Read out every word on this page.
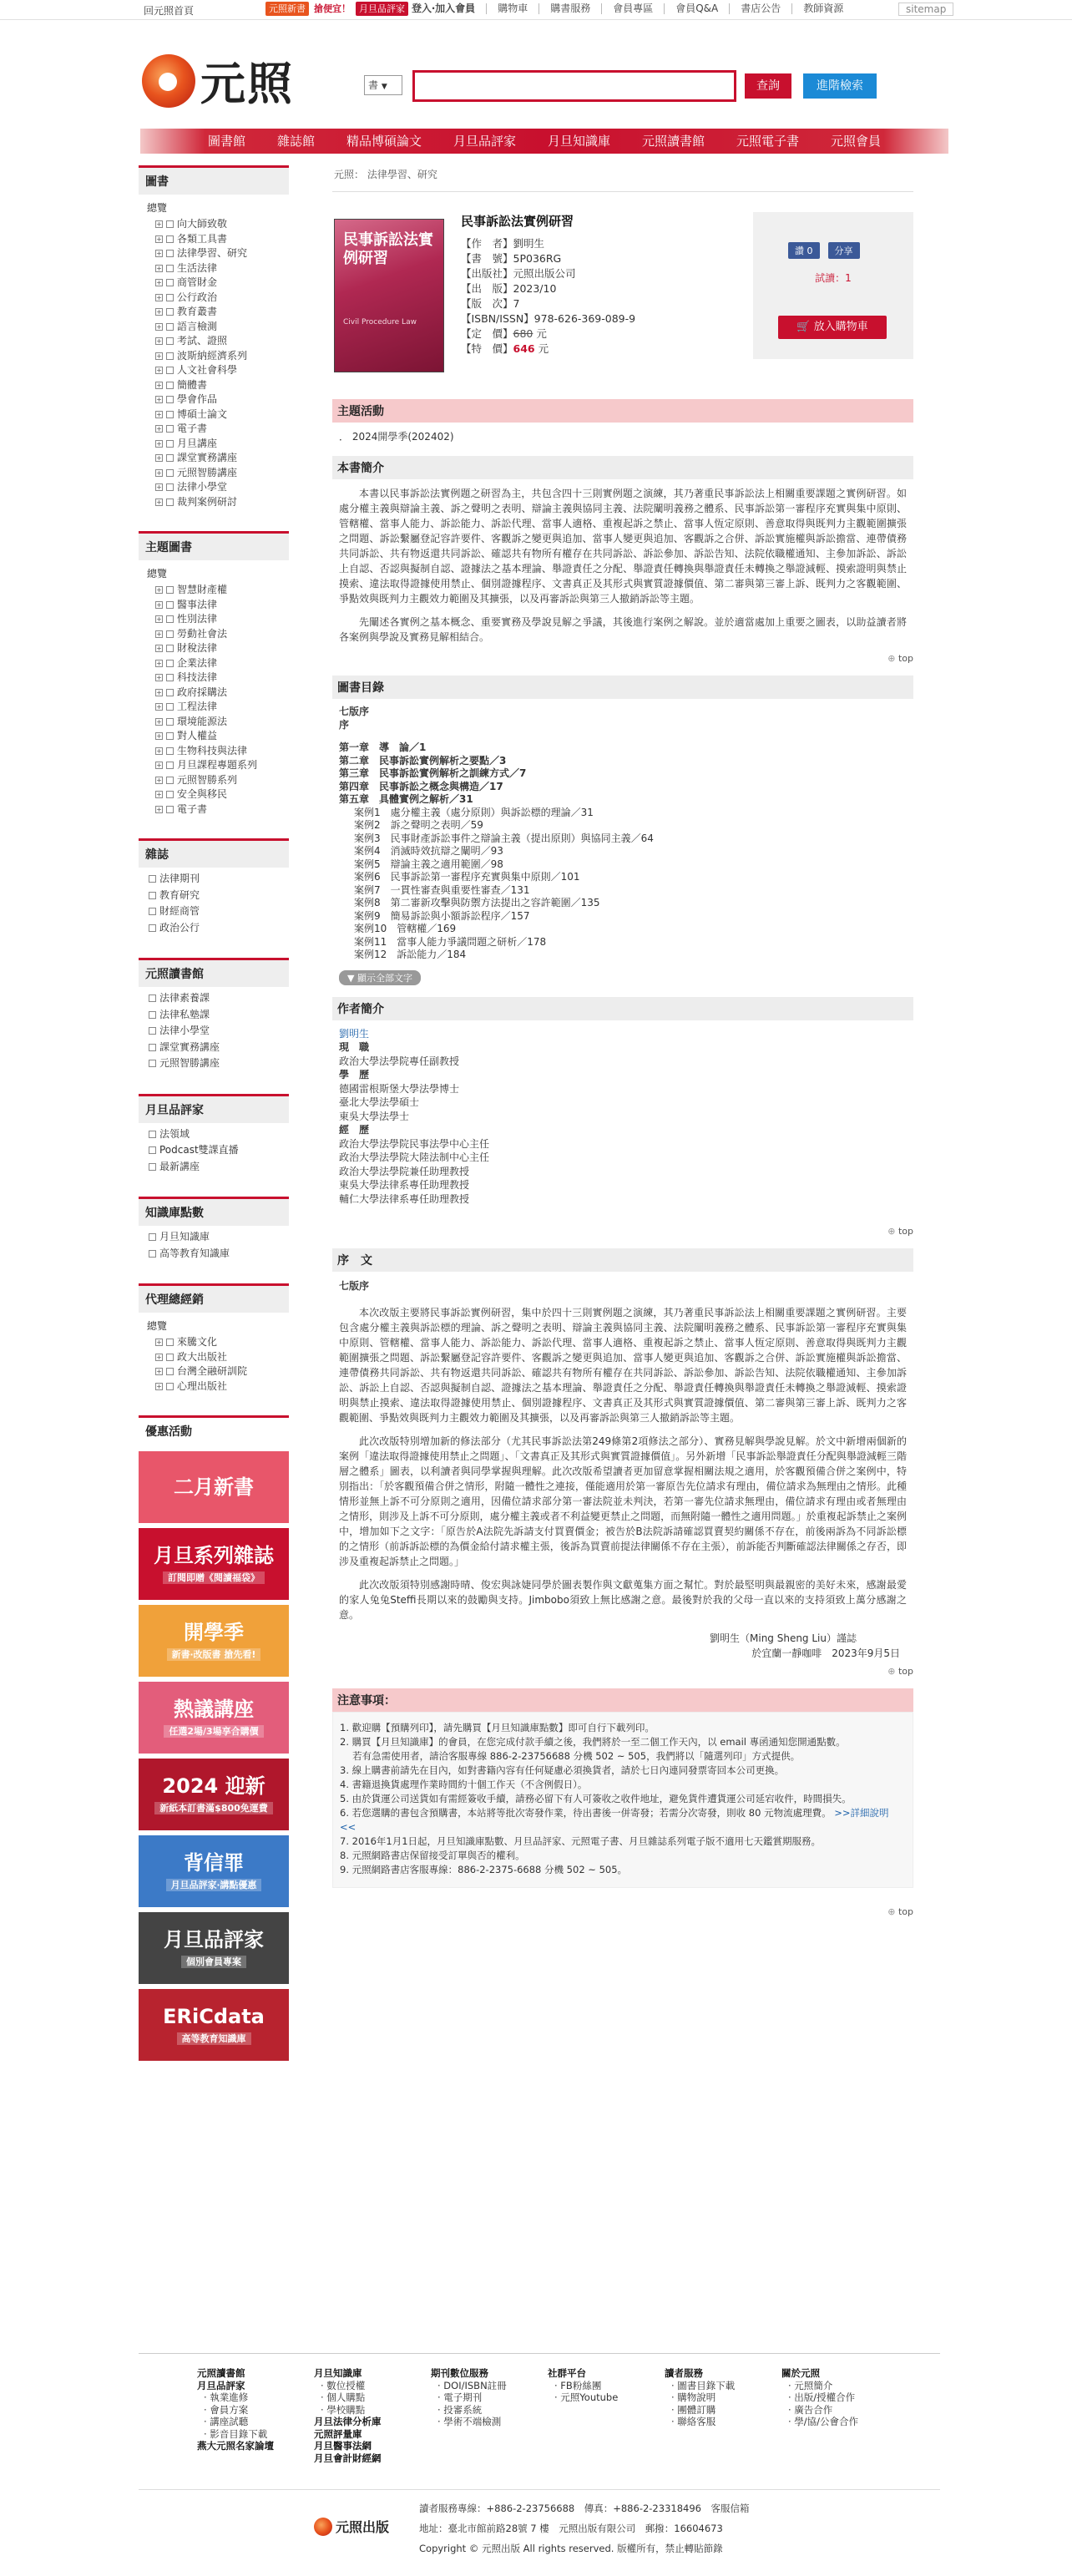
回元照首頁	元照新書 搶便宜！ 月旦品評家 登入‧加入會員	購物車	購書服務	會員專區	會員Q&A	書店公告	教師資源	sitemap
元照	書 ▼	查詢	進階檢索
圖書館	雜誌館	精品博碩論文	月旦品評家	月旦知識庫	元照讀書館	元照電子書	元照會員
圖書
總覽
+ 向大師致敬
+ 各類工具書
+ 法律學習、研究
+ 生活法律
+ 商管財金
+ 公行政治
+ 教育叢書
+ 語言檢測
+ 考試、證照
+ 波斯納經濟系列
+ 人文社會科學
+ 簡體書
+ 學會作品
+ 博碩士論文
+ 電子書
+ 月旦講座
+ 課堂實務講座
+ 元照智勝講座
+ 法律小學堂
+ 裁判案例研討
主題圖書
總覽
+ 智慧財產權
+ 醫事法律
+ 性別法律
+ 勞動社會法
+ 財稅法律
+ 企業法律
+ 科技法律
+ 政府採購法
+ 工程法律
+ 環境能源法
+ 對人權益
+ 生物科技與法律
+ 月旦課程專題系列
+ 元照智勝系列
+ 安全與移民
+ 電子書
雜誌
法律期刊
教育研究
財經商管
政治公行
元照讀書館
法律素養課
法律私塾課
法律小學堂
課堂實務講座
元照智勝講座
月旦品評家
法領域
Podcast雙課直播
最新講座
知識庫點數
月旦知識庫
高等教育知識庫
代理總經銷
總覽
+ 來騰文化
+ 政大出版社
+ 台灣全融研訓院
+ 心理出版社
優惠活動
二月新書
月旦系列雜誌
訂閱即贈《閱讀福袋》
開學季
新書‧改版書 搶先看!
熱議講座
任選2場/3場享合購價
2024 迎新
新紙本訂書滿$800免運費
背信罪
月旦品評家‧講點優惠
月旦品評家
個別會員專案
ERiCdata
高等教育知識庫
元照： 法律學習、研究
民事訴訟法實例研習
Civil Procedure Law
民事訴訟法實例研習
【作　者】劉明生
【書　號】5P036RG
【出版社】元照出版公司
【出　版】2023/10
【版　次】7
【ISBN/ISSN】978-626-369-089-9
【定　價】680 元
【特　價】646 元
讚 0	分享
試讀：1
🛒 放入購物車
主題活動
． 2024開學季(202402)
本書簡介

本書以民事訴訟法實例題之研習為主，共包含四十三則實例題之演練，其乃著重民事訴訟法上相關重要課題之實例研習。如處分權主義與辯論主義、訴之聲明之表明、辯論主義與協同主義、法院闡明義務之體系、民事訴訟第一審程序充實與集中原則、管轄權、當事人能力、訴訟能力、訴訟代理、當事人適格、重複起訴之禁止、當事人恆定原則、善意取得與既判力主觀範圍擴張之問題、訴訟繫屬登記容許要件、客觀訴之變更與追加、當事人變更與追加、客觀訴之合併、訴訟實施權與訴訟擔當、連帶債務共同訴訟、共有物返還共同訴訟、確認共有物所有權存在共同訴訟、訴訟參加、訴訟告知、法院依職權通知、主參加訴訟、訴訟上自認、否認與擬制自認、證據法之基本理論、舉證責任之分配、舉證責任轉換與舉證責任未轉換之舉證減輕、摸索證明與禁止摸索、違法取得證據使用禁止、個別證據程序、文書真正及其形式與實質證據價值、第二審與第三審上訴、既判力之客觀範圍、爭點效與既判力主觀效力範圍及其擴張，以及再審訴訟與第三人撤銷訴訟等主題。

先闡述各實例之基本概念、重要實務及學說見解之爭議，其後進行案例之解說。並於適當處加上重要之圖表，以助益讀者將各案例與學說及實務見解相結合。

⊕ top
圖書目錄
七版序
序
第一章　導　論／1
第二章　民事訴訟實例解析之要點／3
第三章　民事訴訟實例解析之訓練方式／7
第四章　民事訴訟之概念與構造／17
第五章　具體實例之解析／31
案例1　處分權主義（處分原則）與訴訟標的理論／31
案例2　訴之聲明之表明／59
案例3　民事財產訴訟事件之辯論主義（提出原則）與協同主義／64
案例4　消滅時效抗辯之闡明／93
案例5　辯論主義之適用範圍／98
案例6　民事訴訟第一審程序充實與集中原則／101
案例7　一貫性審查與重要性審查／131
案例8　第二審新攻擊與防禦方法提出之容許範圍／135
案例9　簡易訴訟與小額訴訟程序／157
案例10　管轄權／169
案例11　當事人能力爭議問題之研析／178
案例12　訴訟能力／184
▼ 顯示全部文字
作者簡介
劉明生
現　職
政治大學法學院專任副教授
學　歷
德國雷根斯堡大學法學博士
臺北大學法學碩士
東吳大學法學士
經　歷
政治大學法學院民事法學中心主任
政治大學法學院大陸法制中心主任
政治大學法學院兼任助理教授
東吳大學法律系專任助理教授
輔仁大學法律系專任助理教授
⊕ top
序　文
七版序

本次改版主要將民事訴訟實例研習，集中於四十三則實例題之演練，其乃著重民事訴訟法上相關重要課題之實例研習。主要包含處分權主義與訴訟標的理論、訴之聲明之表明、辯論主義與協同主義、法院闡明義務之體系、民事訴訟第一審程序充實與集中原則、管轄權、當事人能力、訴訟能力、訴訟代理、當事人適格、重複起訴之禁止、當事人恆定原則、善意取得與既判力主觀範圍擴張之問題、訴訟繫屬登記容許要件、客觀訴之變更與追加、當事人變更與追加、客觀訴之合併、訴訟實施權與訴訟擔當、連帶債務共同訴訟、共有物返還共同訴訟、確認共有物所有權存在共同訴訟、訴訟參加、訴訟告知、法院依職權通知、主參加訴訟、訴訟上自認、否認與擬制自認、證據法之基本理論、舉證責任之分配、舉證責任轉換與舉證責任未轉換之舉證減輕、摸索證明與禁止摸索、違法取得證據使用禁止、個別證據程序、文書真正及其形式與實質證據價值、第二審與第三審上訴、既判力之客觀範圍、爭點效與既判力主觀效力範圍及其擴張，以及再審訴訟與第三人撤銷訴訟等主題。

此次改版特別增加新的修法部分（尤其民事訴訟法第249條第2項修法之部分）、實務見解與學說見解。於文中新增兩個新的案例「違法取得證據使用禁止之問題」、「文書真正及其形式與實質證據價值」。另外新增「民事訴訟舉證責任分配與舉證減輕三階層之體系」圖表，以利讀者與同學掌握與理解。此次改版希望讀者更加留意掌握相關法規之適用，於客觀預備合併之案例中，特別指出：「於客觀預備合併之情形，附隨一體性之連接，僅能適用於第一審原告先位請求有理由，備位請求為無理由之情形。此種情形並無上訴不可分原則之適用，因備位請求部分第一審法院並未判決，若第一審先位請求無理由，備位請求有理由或者無理由之情形，則涉及上訴不可分原則，處分權主義或者不利益變更禁止之問題，而無附隨一體性之適用問題。」於重複起訴禁止之案例中，增加如下之文字：「原告於A法院先訴請支付買賣價金；被告於B法院訴請確認買賣契約關係不存在，前後兩訴為不同訴訟標的之情形（前訴訴訟標的為價金給付請求權主張，後訴為買賣前提法律關係不存在主張），前訴能否判斷確認法律關係之存否，即涉及重複起訴禁止之問題。」

此次改版須特別感謝時晴、俊宏與詠婕同學於圖表製作與文獻蒐集方面之幫忙。對於最堅明與最親密的美好未來，感謝最愛的家人兔兔Steffi長期以來的鼓勵與支持。Jimbobo須致上無比感謝之意。最後對於我的父母一直以來的支持須致上萬分感謝之意。

劉明生（Ming Sheng Liu）謹誌
於宜蘭一靜咖啡　2023年9月5日
⊕ top
注意事項：
1. 歡迎購【預購列印】，請先購買【月旦知識庫點數】即可自行下載列印。
2. 購買【月旦知識庫】的會員，在您完成付款手續之後，我們將於一至二個工作天內，以 email 專函通知您開通點數。
　 若有急需使用者，請洽客服專線 886-2-23756688 分機 502 ~ 505，我們將以「隨選列印」方式提供。
3. 線上購書前請先在目內，如對書籍內容有任何疑慮必須換貨者，請於七日內連同發票寄回本公司更換。
4. 書籍退換貨處理作業時間約十個工作天（不含例假日）。
5. 由於貨運公司送貨如有需經簽收手續，請務必留下有人可簽收之收件地址，避免貨件遭貨運公司延宕收件，時間損失。
6. 若您選購的書包含預購書，本站將等批次寄發作業，待出書後一併寄發；若需分次寄發，則收 80 元物流處理費。 >>詳細說明
<<
7. 2016年1月1日起，月旦知識庫點數、月旦品評家、元照電子書、月旦雜誌系列電子版不適用七天鑑賞期服務。
8. 元照網路書店保留接受訂單與否的權利。
9. 元照網路書店客服專線：886-2-2375-6688 分機 502 ~ 505。
⊕ top
元照讀書館
月旦品評家
· 執業進修
· 會員方案
· 講座試聽
· 影音目錄下載
燕大元照名家論壇
月旦知識庫
· 數位授權
· 個人購點
· 學校購點
月旦法律分析庫
元照評量庫
月旦醫事法網
月旦會計財經網
期刊數位服務
· DOI/ISBN註冊
· 電子期刊
· 投審系統
· 學術不端檢測
社群平台
· FB粉絲團
· 元照Youtube
讀者服務
· 圖書目錄下載
· 購物說明
· 團體訂購
· 聯絡客服
關於元照
· 元照簡介
· 出版/授權合作
· 廣告合作
· 學/協/公會合作
元照出版
讀者服務專線：+886-2-23756688　傳真：+886-2-23318496　客服信箱
地址：臺北市館前路28號 7 樓　元照出版有限公司　郵撥：16604673
Copyright © 元照出版 All rights reserved. 版權所有，禁止轉貼節錄
